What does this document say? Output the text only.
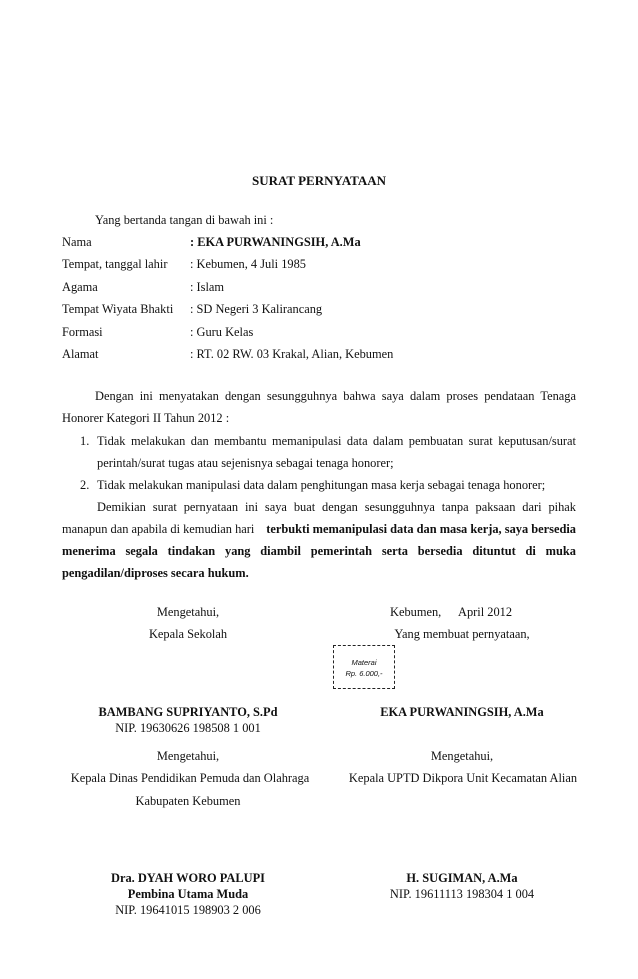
SURAT PERNYATAAN
Yang bertanda tangan di bawah ini :
Nama	: EKA PURWANINGSIH, A.Ma
Tempat, tanggal lahir : Kebumen, 4 Juli 1985
Agama	: Islam
Tempat Wiyata Bhakti : SD Negeri 3 Kalirancang
Formasi	: Guru Kelas
Alamat	: RT. 02 RW. 03 Krakal, Alian, Kebumen
Dengan ini menyatakan dengan sesungguhnya bahwa saya dalam proses pendataan Tenaga
Honorer Kategori II Tahun 2012 :
1. Tidak melakukan dan membantu memanipulasi data dalam pembuatan surat keputusan/surat
perintah/surat tugas atau sejenisnya sebagai tenaga honorer;
2. Tidak melakukan manipulasi data dalam penghitungan masa kerja sebagai tenaga honorer;
Demikian surat pernyataan ini saya buat dengan sesungguhnya tanpa paksaan dari pihak
manapun dan apabila di kemudian hari terbukti memanipulasi data dan masa kerja, saya bersedia
menerima segala tindakan yang diambil pemerintah serta bersedia dituntut di muka
pengadilan/diproses secara hukum.
Mengetahui,
Kepala Sekolah
Kebumen, April 2012
Yang membuat pernyataan,
Materai
Rp. 6.000,-
BAMBANG SUPRIYANTO, S.Pd
NIP. 19630626 198508 1 001
EKA PURWANINGSIH, A.Ma
Mengetahui,
Kepala Dinas Pendidikan Pemuda dan Olahraga
Kabupaten Kebumen
Mengetahui,
Kepala UPTD Dikpora Unit Kecamatan Alian
Dra. DYAH WORO PALUPI
Pembina Utama Muda
NIP. 19641015 198903 2 006
H. SUGIMAN, A.Ma
NIP. 19611113 198304 1 004
